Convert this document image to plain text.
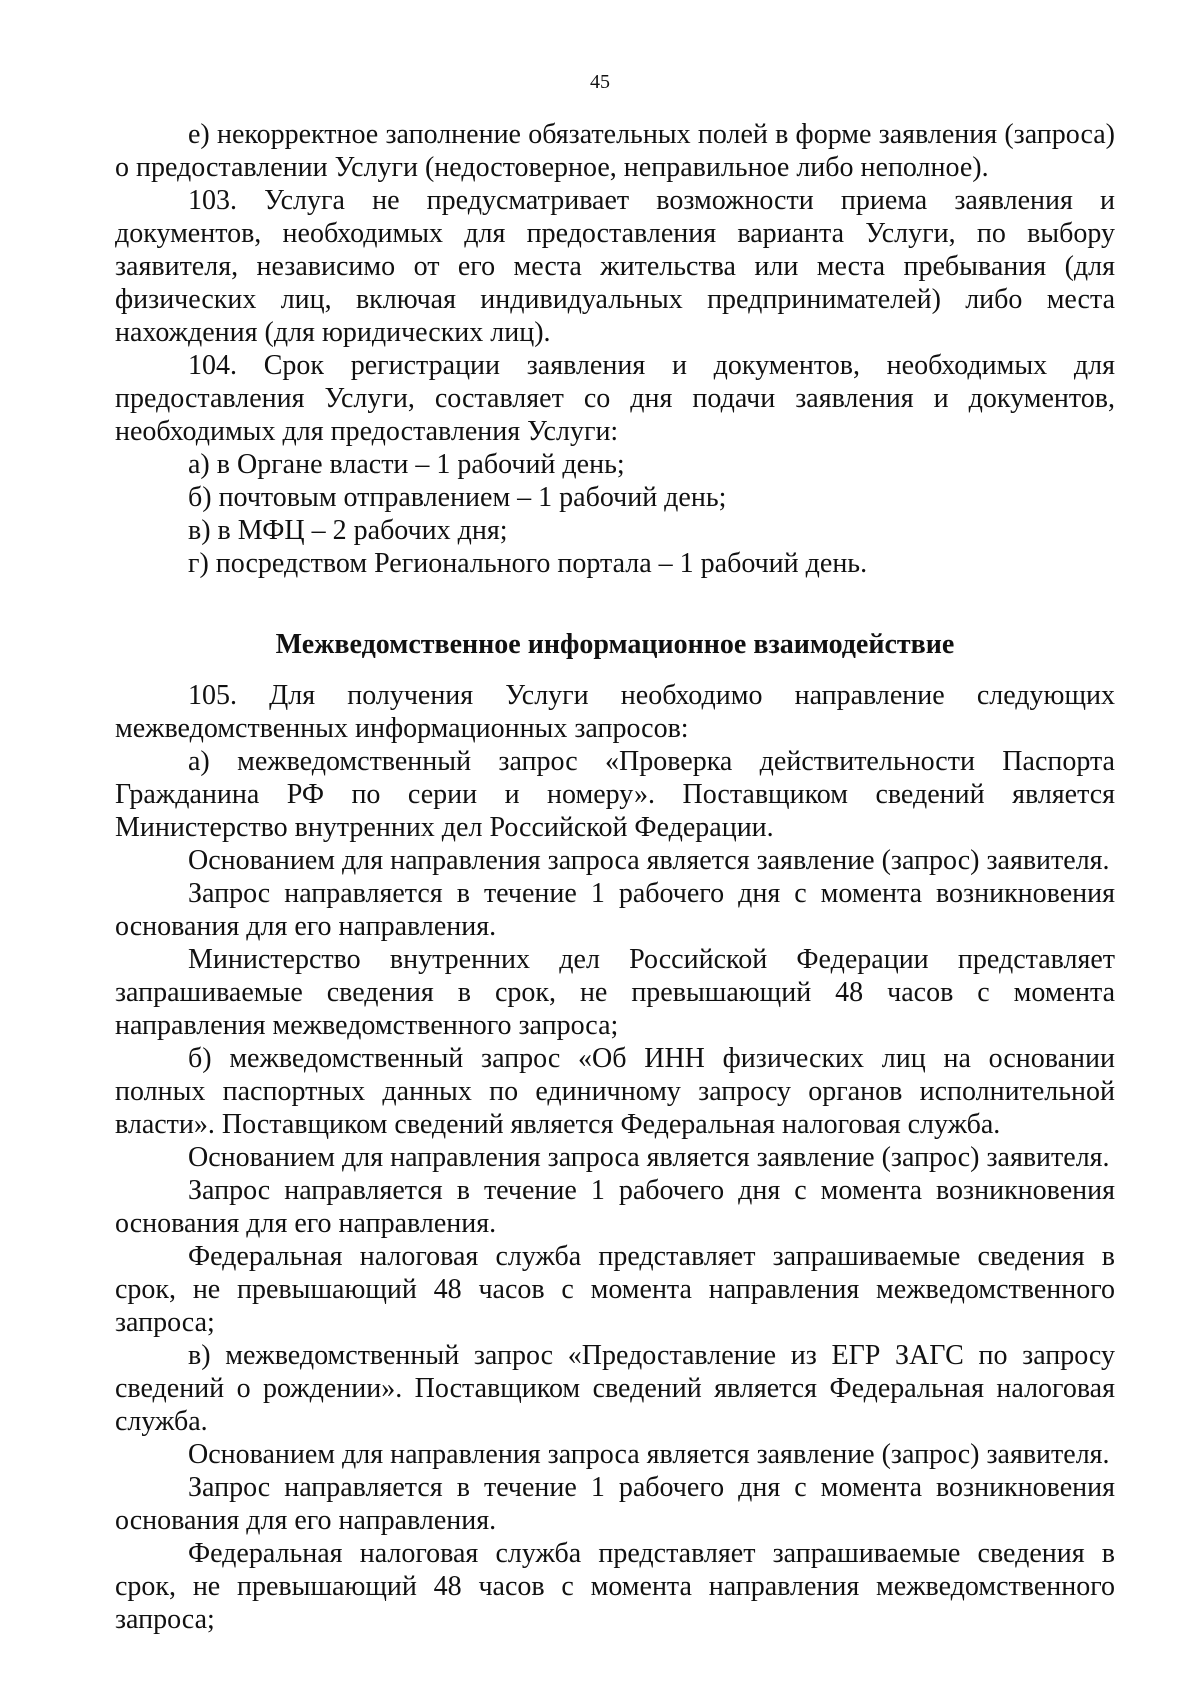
45

е) некорректное заполнение обязательных полей в форме заявления (запроса) о предоставлении Услуги (недостоверное, неправильное либо неполное).

103. Услуга не предусматривает возможности приема заявления и документов, необходимых для предоставления варианта Услуги, по выбору заявителя, независимо от его места жительства или места пребывания (для физических лиц, включая индивидуальных предпринимателей) либо места нахождения (для юридических лиц).

104. Срок регистрации заявления и документов, необходимых для предоставления Услуги, составляет со дня подачи заявления и документов, необходимых для предоставления Услуги:

а) в Органе власти – 1 рабочий день;

б) почтовым отправлением – 1 рабочий день;

в) в МФЦ – 2 рабочих дня;

г) посредством Регионального портала – 1 рабочий день.

Межведомственное информационное взаимодействие

105. Для получения Услуги необходимо направление следующих межведомственных информационных запросов:

а) межведомственный запрос «Проверка действительности Паспорта Гражданина РФ по серии и номеру». Поставщиком сведений является Министерство внутренних дел Российской Федерации.

Основанием для направления запроса является заявление (запрос) заявителя.

Запрос направляется в течение 1 рабочего дня с момента возникновения основания для его направления.

Министерство внутренних дел Российской Федерации представляет запрашиваемые сведения в срок, не превышающий 48 часов с момента направления межведомственного запроса;

б) межведомственный запрос «Об ИНН физических лиц на основании полных паспортных данных по единичному запросу органов исполнительной власти». Поставщиком сведений является Федеральная налоговая служба.

Основанием для направления запроса является заявление (запрос) заявителя.

Запрос направляется в течение 1 рабочего дня с момента возникновения основания для его направления.

Федеральная налоговая служба представляет запрашиваемые сведения в срок, не превышающий 48 часов с момента направления межведомственного запроса;

в) межведомственный запрос «Предоставление из ЕГР ЗАГС по запросу сведений о рождении». Поставщиком сведений является Федеральная налоговая служба.

Основанием для направления запроса является заявление (запрос) заявителя.

Запрос направляется в течение 1 рабочего дня с момента возникновения основания для его направления.

Федеральная налоговая служба представляет запрашиваемые сведения в срок, не превышающий 48 часов с момента направления межведомственного запроса;
